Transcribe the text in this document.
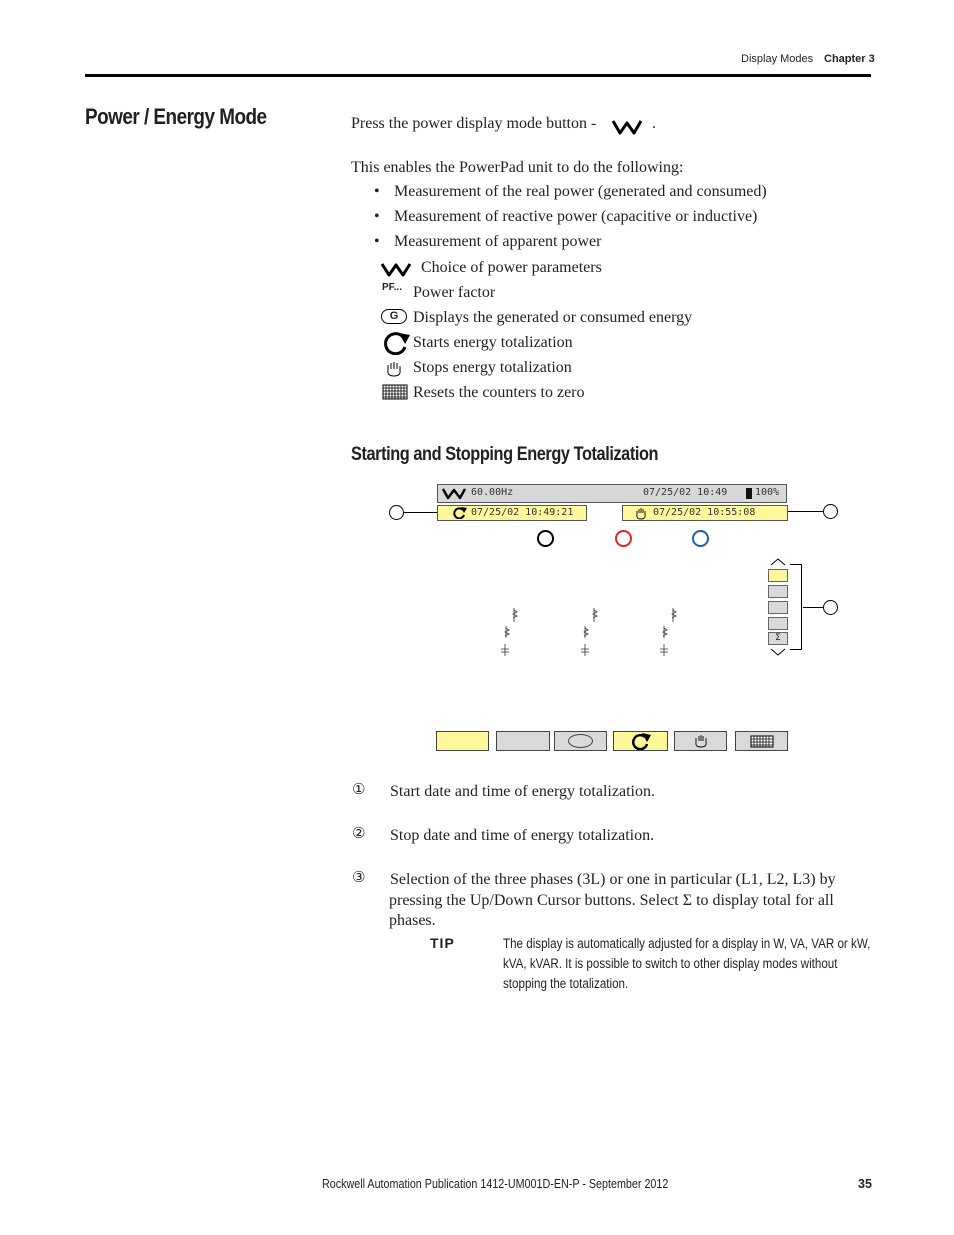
Display Modes Chapter 3
Power / Energy Mode	Press the power display mode button -	.
This enables the PowerPad unit to do the following:
• Measurement of the real power (generated and consumed)
• Measurement of reactive power (capacitive or inductive)
• Measurement of apparent power
Choice of power parameters
PF... Power factor
G Displays the generated or consumed energy
Starts energy totalization
Stops energy totalization
Resets the counters to zero
Starting and Stopping Energy Totalization
60.00Hz	07/25/02 10:49	100%
07/25/02 10:49:21	07/25/02 10:55:08
Σ
① Start date and time of energy totalization.
② Stop date and time of energy totalization.
③ Selection of the three phases (3L) or one in particular (L1, L2, L3) by
pressing the Up/Down Cursor buttons. Select Σ to display total for all
phases.
TIP	The display is automatically adjusted for a display in W, VA, VAR or kW,
kVA, kVAR. It is possible to switch to other display modes without
stopping the totalization.
Rockwell Automation Publication 1412-UM001D-EN-P - September 2012	35
